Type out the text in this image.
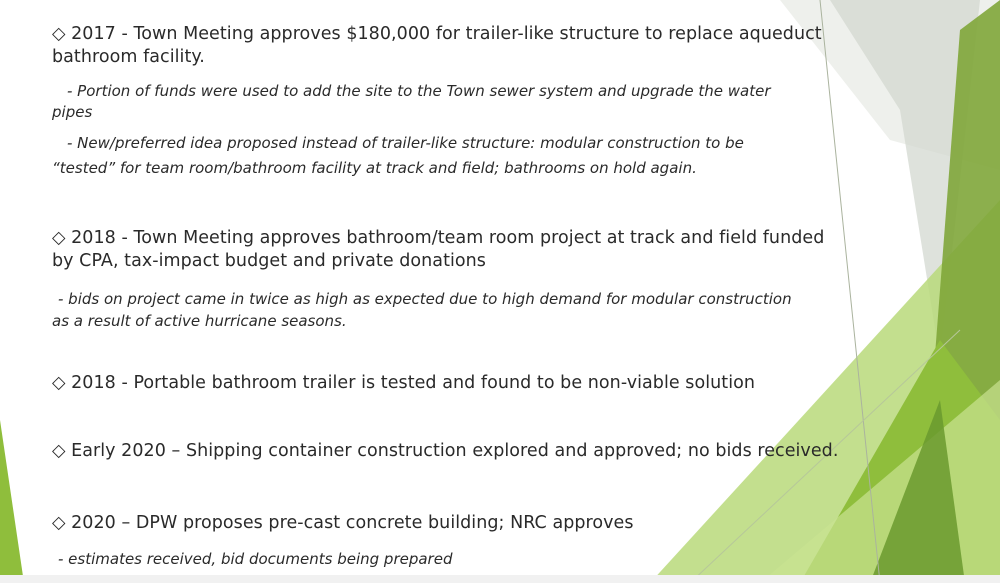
◇ 2017 - Town Meeting approves $180,000 for trailer-like structure to replace aqueduct

bathroom facility.

- Portion of funds were used to add the site to the Town sewer system and upgrade the water

pipes

- New/preferred idea proposed instead of trailer-like structure: modular construction to be

“tested” for team room/bathroom facility at track and field; bathrooms on hold again.

◇ 2018 - Town Meeting approves bathroom/team room project at track and field funded

by CPA, tax-impact budget and private donations

- bids on project came in twice as high as expected due to high demand for modular construction

as a result of active hurricane seasons.

◇ 2018 - Portable bathroom trailer is tested and found to be non-viable solution

◇ Early 2020 – Shipping container construction explored and approved; no bids received.

◇ 2020 – DPW proposes pre-cast concrete building; NRC approves

- estimates received, bid documents being prepared
